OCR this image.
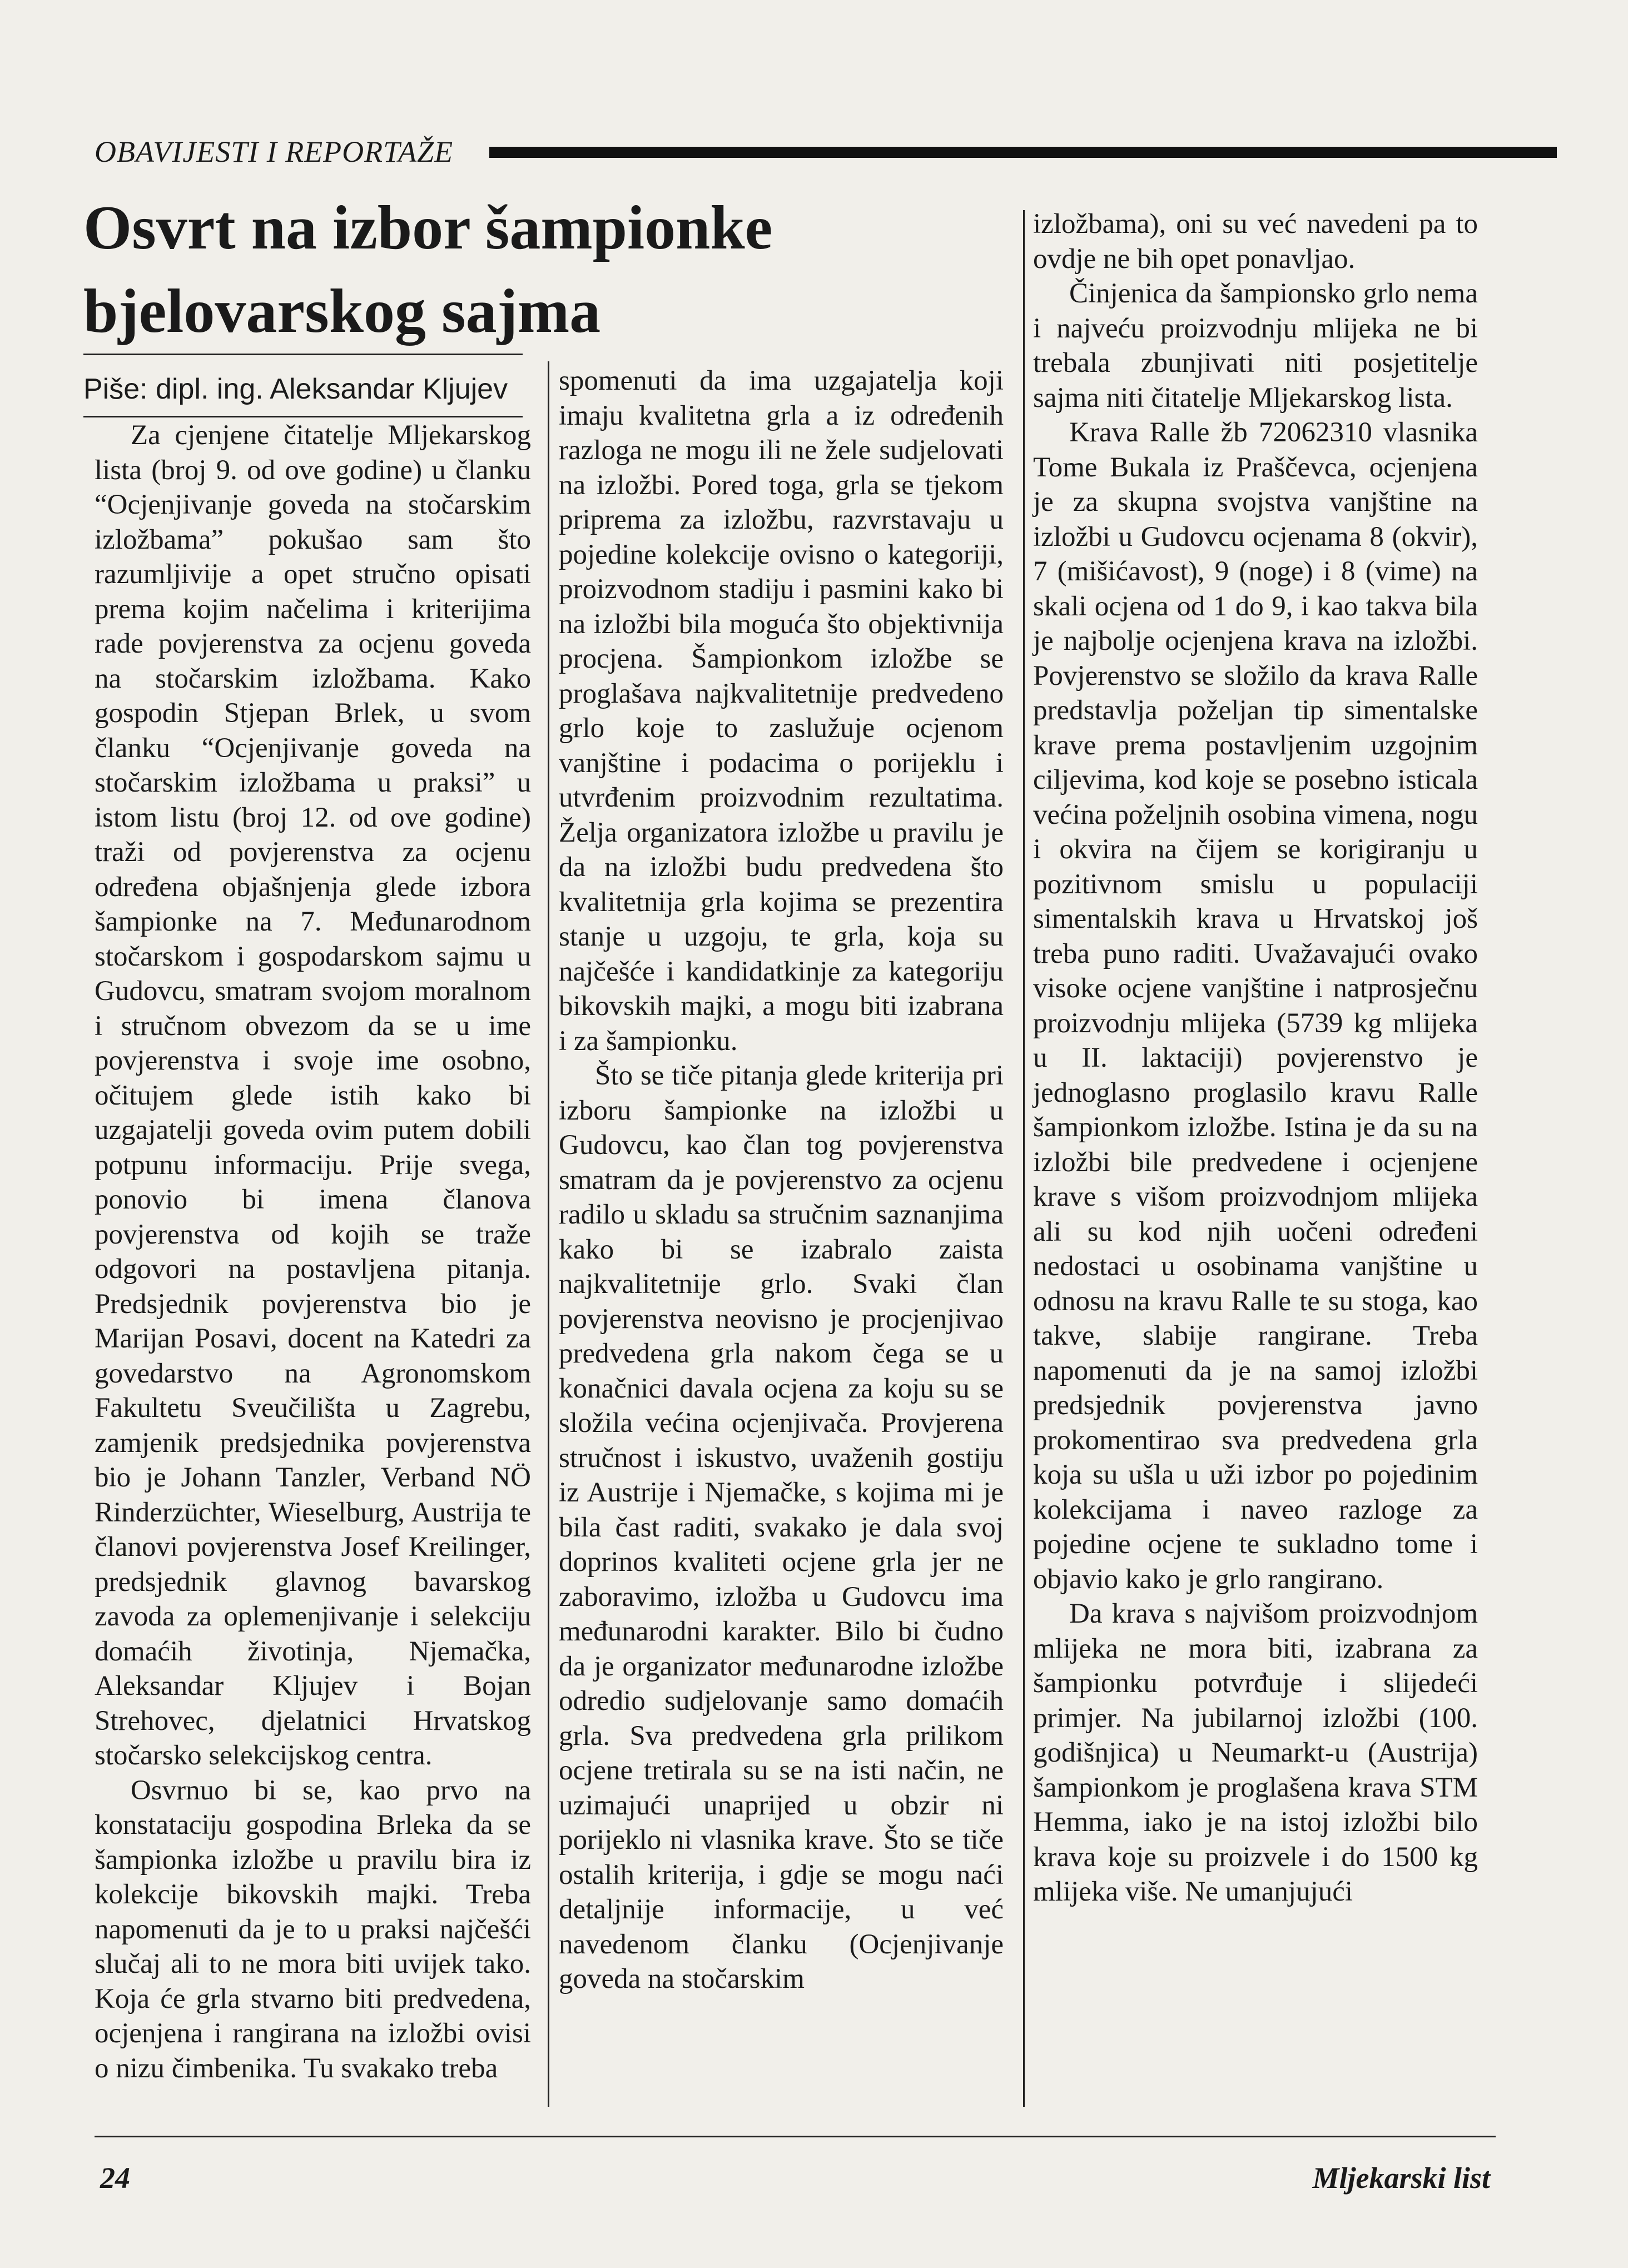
OBAVIJESTI I REPORTAŽE
Osvrt na izbor šampionke
bjelovarskog sajma
Piše: dipl. ing. Aleksandar Kljujev

Za cjenjene čitatelje Mljekarskog lista (broj 9. od ove godine) u članku “Ocjenjivanje goveda na stočarskim izložbama” pokušao sam što razumljivije a opet stručno opisati prema kojim načelima i kriterijima rade povjerenstva za ocjenu goveda na stočarskim izložbama. Kako gospodin Stjepan Brlek, u svom članku “Ocjenjivanje goveda na stočarskim izložbama u praksi” u istom listu (broj 12. od ove godine) traži od povjerenstva za ocjenu određena objašnjenja glede izbora šampionke na 7. Međunarodnom stočarskom i gospodarskom sajmu u Gudovcu, smatram svojom moralnom i stručnom obvezom da se u ime povjerenstva i svoje ime osobno, očitujem glede istih kako bi uzgajatelji goveda ovim putem dobili potpunu informaciju. Prije svega, ponovio bi imena članova povjerenstva od kojih se traže odgovori na postavljena pitanja. Predsjednik povjerenstva bio je Marijan Posavi, docent na Katedri za govedarstvo na Agronomskom Fakultetu Sveučilišta u Zagrebu, zamjenik predsjednika povjerenstva bio je Johann Tanzler, Verband NÖ Rinderzüchter, Wieselburg, Austrija te članovi povjerenstva Josef Kreilinger, predsjednik glavnog bavarskog zavoda za oplemenjivanje i selekciju domaćih životinja, Njemačka, Aleksandar Kljujev i Bojan Strehovec, djelatnici Hrvatskog stočarsko selekcijskog centra.

Osvrnuo bi se, kao prvo na konstataciju gospodina Brleka da se šampionka izložbe u pravilu bira iz kolekcije bikovskih majki. Treba napomenuti da je to u praksi najčešći slučaj ali to ne mora biti uvijek tako. Koja će grla stvarno biti predvedena, ocjenjena i rangirana na izložbi ovisi o nizu čimbenika. Tu svakako treba

spomenuti da ima uzgajatelja koji imaju kvalitetna grla a iz određenih razloga ne mogu ili ne žele sudjelovati na izložbi. Pored toga, grla se tjekom priprema za izložbu, razvrstavaju u pojedine kolekcije ovisno o kategoriji, proizvodnom stadiju i pasmini kako bi na izložbi bila moguća što objektivnija procjena. Šampionkom izložbe se proglašava najkvalitetnije predvedeno grlo koje to zaslužuje ocjenom vanjštine i podacima o porijeklu i utvrđenim proizvodnim rezultatima. Želja organizatora izložbe u pravilu je da na izložbi budu predvedena što kvalitetnija grla kojima se prezentira stanje u uzgoju, te grla, koja su najčešće i kandidatkinje za kategoriju bikovskih majki, a mogu biti izabrana i za šampionku.

Što se tiče pitanja glede kriterija pri izboru šampionke na izložbi u Gudovcu, kao član tog povjerenstva smatram da je povjerenstvo za ocjenu radilo u skladu sa stručnim saznanjima kako bi se izabralo zaista najkvalitetnije grlo. Svaki član povjerenstva neovisno je procjenjivao predvedena grla nakom čega se u konačnici davala ocjena za koju su se složila većina ocjenjivača. Provjerena stručnost i iskustvo, uvaženih gostiju iz Austrije i Njemačke, s kojima mi je bila čast raditi, svakako je dala svoj doprinos kvaliteti ocjene grla jer ne zaboravimo, izložba u Gudovcu ima međunarodni karakter. Bilo bi čudno da je organizator međunarodne izložbe odredio sudjelovanje samo domaćih grla. Sva predvedena grla prilikom ocjene tretirala su se na isti način, ne uzimajući unaprijed u obzir ni porijeklo ni vlasnika krave. Što se tiče ostalih kriterija, i gdje se mogu naći detaljnije informacije, u već navedenom članku (Ocjenjivanje goveda na stočarskim

izložbama), oni su već navedeni pa to ovdje ne bih opet ponavljao.

Činjenica da šampionsko grlo nema i najveću proizvodnju mlijeka ne bi trebala zbunjivati niti posjetitelje sajma niti čitatelje Mljekarskog lista.

Krava Ralle žb 72062310 vlasnika Tome Bukala iz Praščevca, ocjenjena je za skupna svojstva vanjštine na izložbi u Gudovcu ocjenama 8 (okvir), 7 (mišićavost), 9 (noge) i 8 (vime) na skali ocjena od 1 do 9, i kao takva bila je najbolje ocjenjena krava na izložbi. Povjerenstvo se složilo da krava Ralle predstavlja poželjan tip simentalske krave prema postavljenim uzgojnim ciljevima, kod koje se posebno isticala većina poželjnih osobina vimena, nogu i okvira na čijem se korigiranju u pozitivnom smislu u populaciji simentalskih krava u Hrvatskoj još treba puno raditi. Uvažavajući ovako visoke ocjene vanjštine i natprosječnu proizvodnju mlijeka (5739 kg mlijeka u II. laktaciji) povjerenstvo je jednoglasno proglasilo kravu Ralle šampionkom izložbe. Istina je da su na izložbi bile predvedene i ocjenjene krave s višom proizvodnjom mlijeka ali su kod njih uočeni određeni nedostaci u osobinama vanjštine u odnosu na kravu Ralle te su stoga, kao takve, slabije rangirane. Treba napomenuti da je na samoj izložbi predsjednik povjerenstva javno prokomentirao sva predvedena grla koja su ušla u uži izbor po pojedinim kolekcijama i naveo razloge za pojedine ocjene te sukladno tome i objavio kako je grlo rangirano.

Da krava s najvišom proizvodnjom mlijeka ne mora biti, izabrana za šampionku potvrđuje i slijedeći primjer. Na jubilarnoj izložbi (100. godišnjica) u Neumarkt-u (Austrija) šampionkom je proglašena krava STM Hemma, iako je na istoj izložbi bilo krava koje su proizvele i do 1500 kg mlijeka više. Ne umanjujući

24	Mljekarski list
